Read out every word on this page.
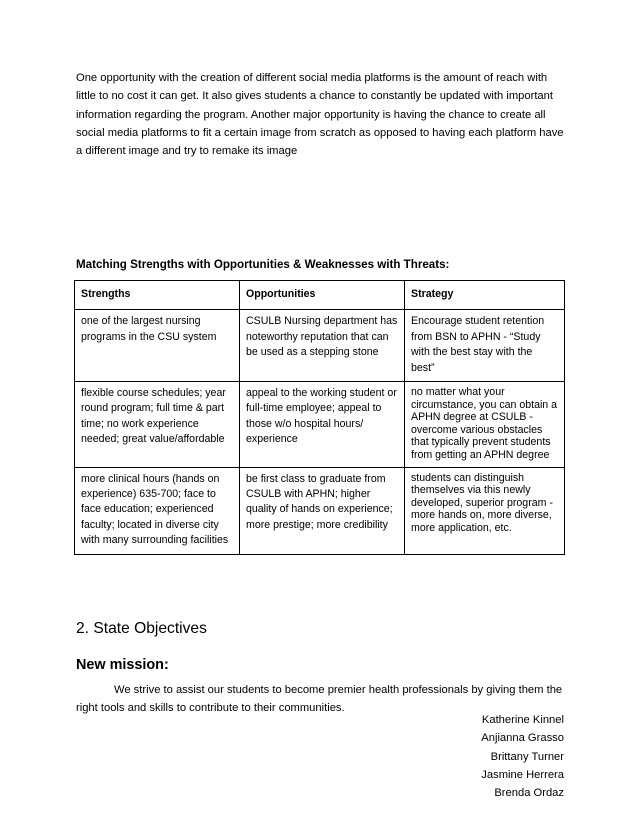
One opportunity with the creation of different social media platforms is the amount of reach with little to no cost it can get. It also gives students a chance to constantly be updated with important information regarding the program. Another major opportunity is having the chance to create all social media platforms to fit a certain image from scratch as opposed to having each platform have a different image and try to remake its image
Matching Strengths with Opportunities & Weaknesses with Threats:
Strengths	Opportunities	Strategy
one of the largest nursing programs in the CSU system	CSULB Nursing department has noteworthy reputation that can be used as a stepping stone	Encourage student retention from BSN to APHN - “Study with the best stay with the best”
flexible course schedules; year round program; full time & part time; no work experience needed; great value/affordable	appeal to the working student or full-time employee; appeal to those w/o hospital hours/ experience	no matter what your circumstance, you can obtain a APHN degree at CSULB - overcome various obstacles that typically prevent students from getting an APHN degree
more clinical hours (hands on experience) 635-700; face to face education; experienced faculty; located in diverse city with many surrounding facilities	be first class to graduate from CSULB with APHN; higher quality of hands on experience; more prestige; more credibility	students can distinguish themselves via this newly developed, superior program - more hands on, more diverse, more application, etc.
2. State Objectives
New mission:
We strive to assist our students to become premier health professionals by giving them the right tools and skills to contribute to their communities.
Katherine Kinnel
Anjianna Grasso
Brittany Turner
Jasmine Herrera
Brenda Ordaz
